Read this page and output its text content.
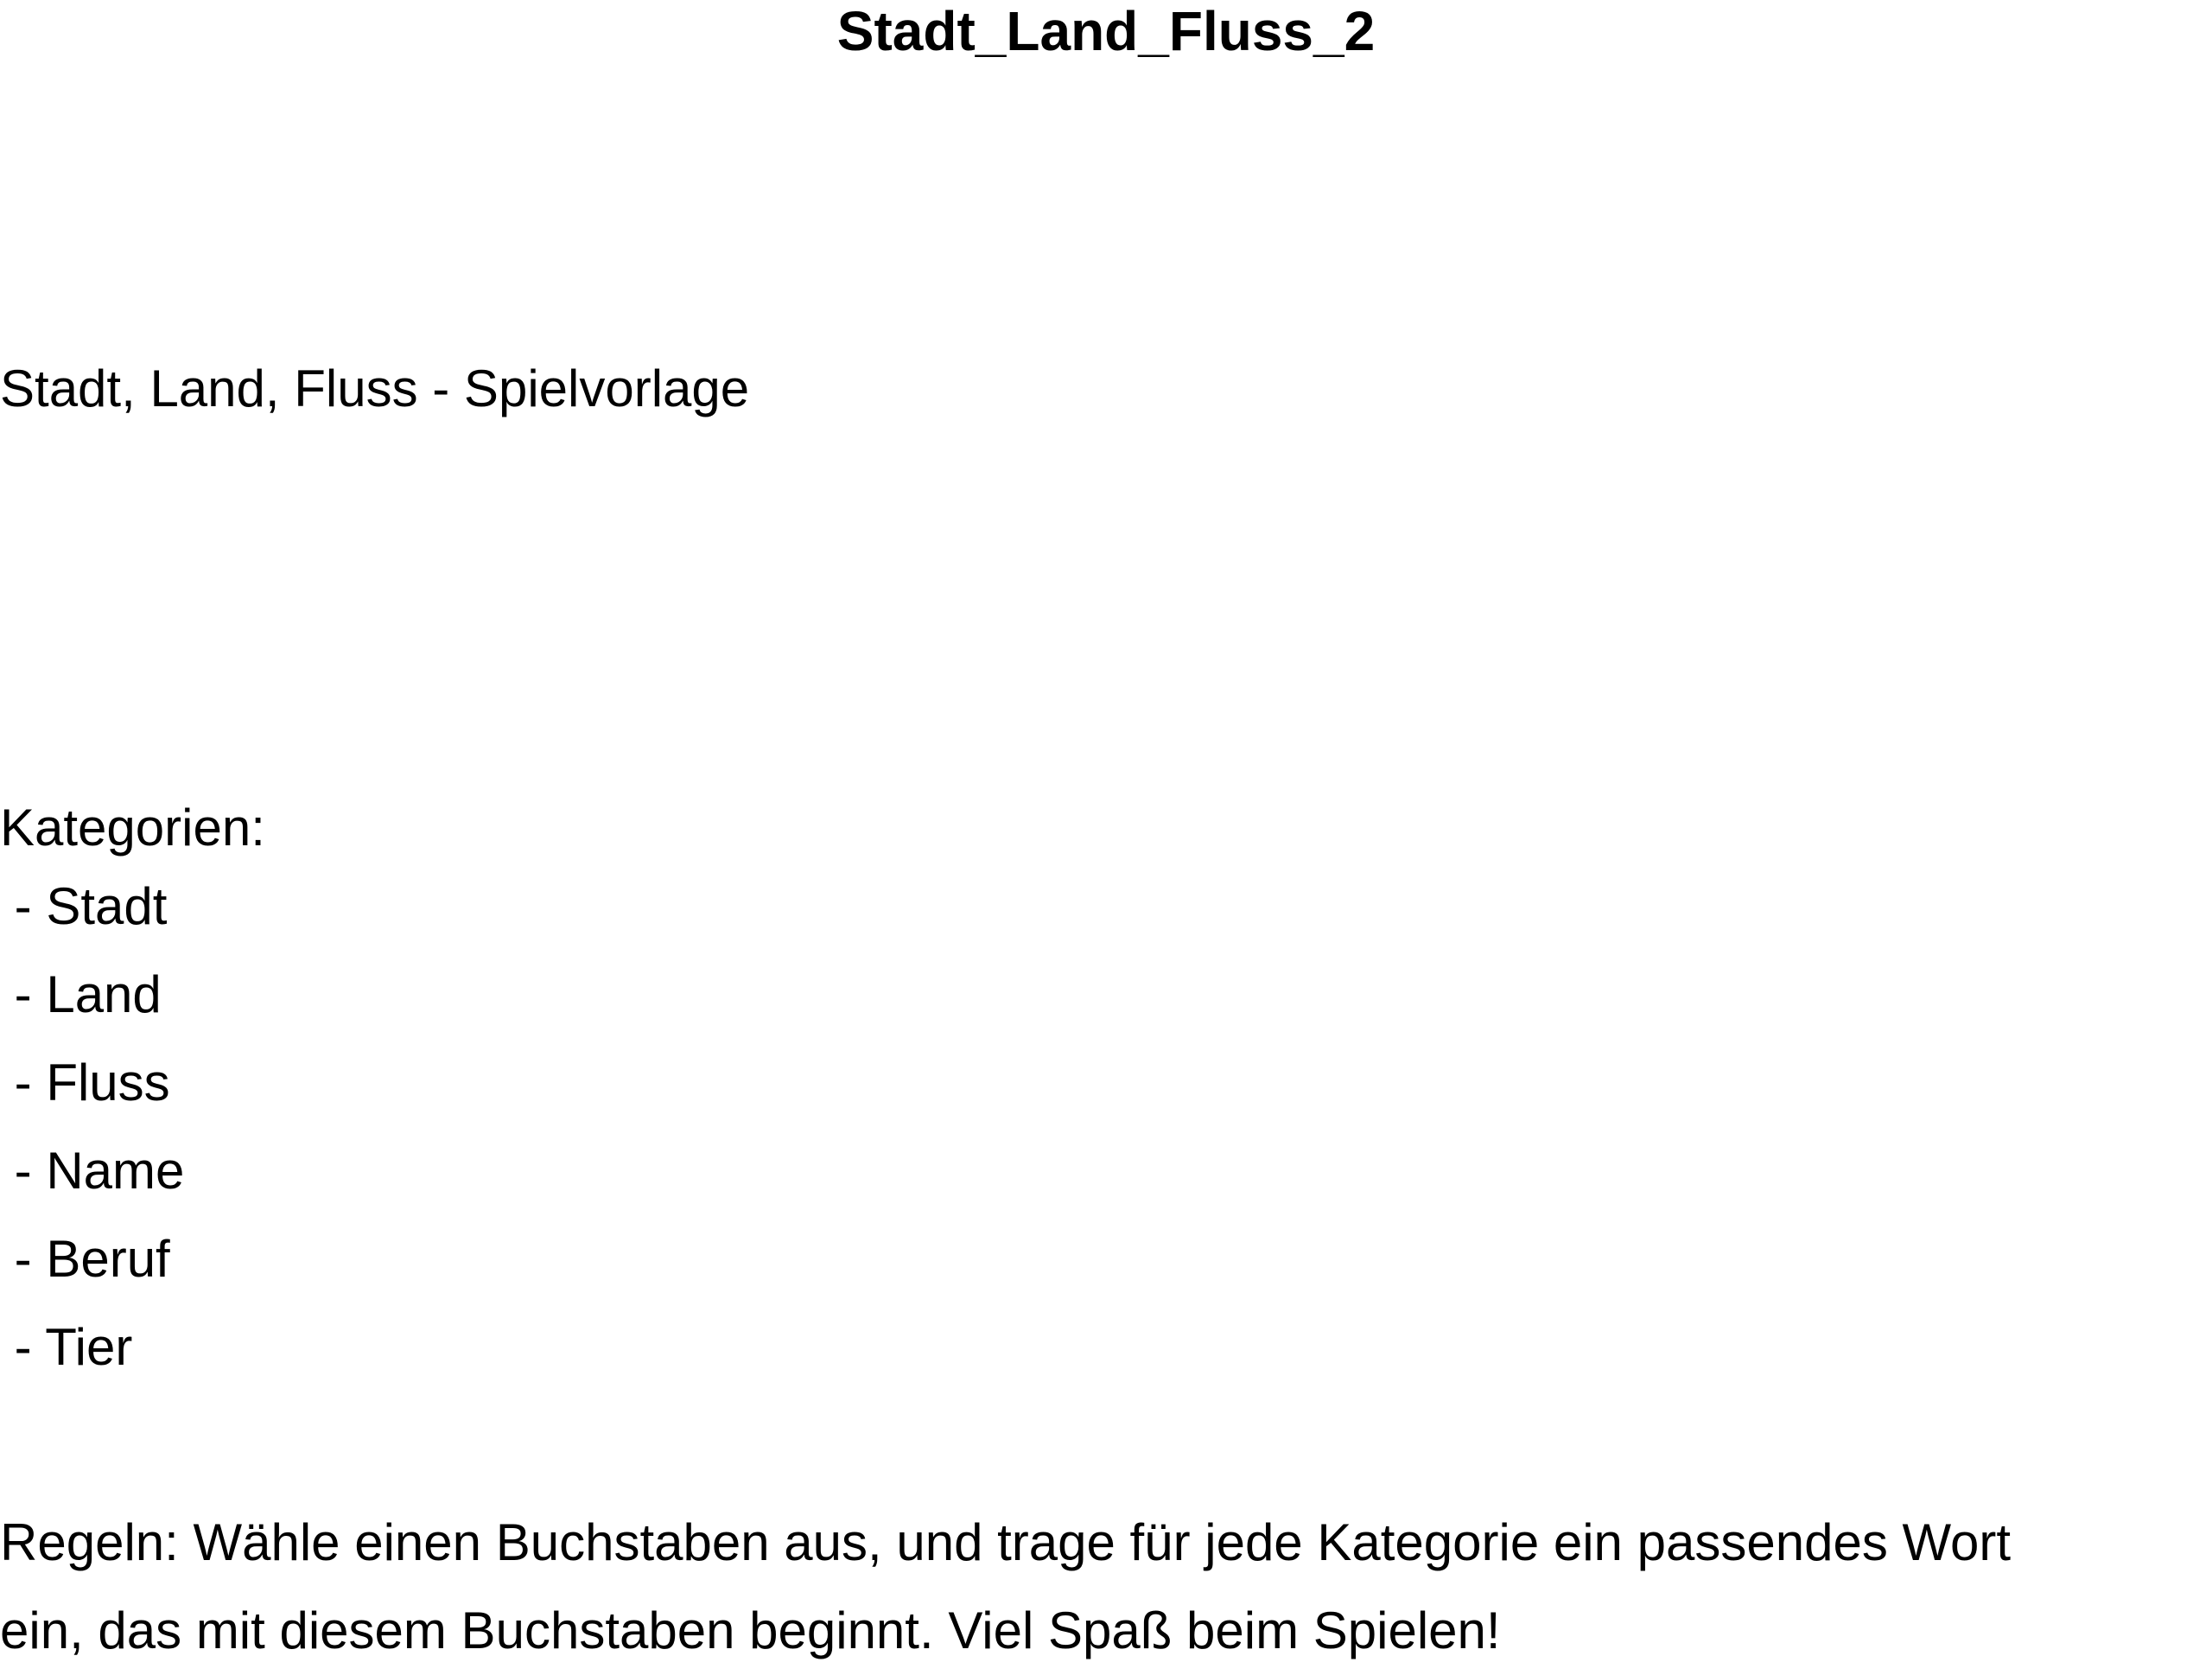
Stadt_Land_Fluss_2

Stadt, Land, Fluss - Spielvorlage

Kategorien:

- Stadt
- Land
- Fluss
- Name
- Beruf
- Tier

Regeln: Wähle einen Buchstaben aus, und trage für jede Kategorie ein passendes Wort
ein, das mit diesem Buchstaben beginnt. Viel Spaß beim Spielen!
